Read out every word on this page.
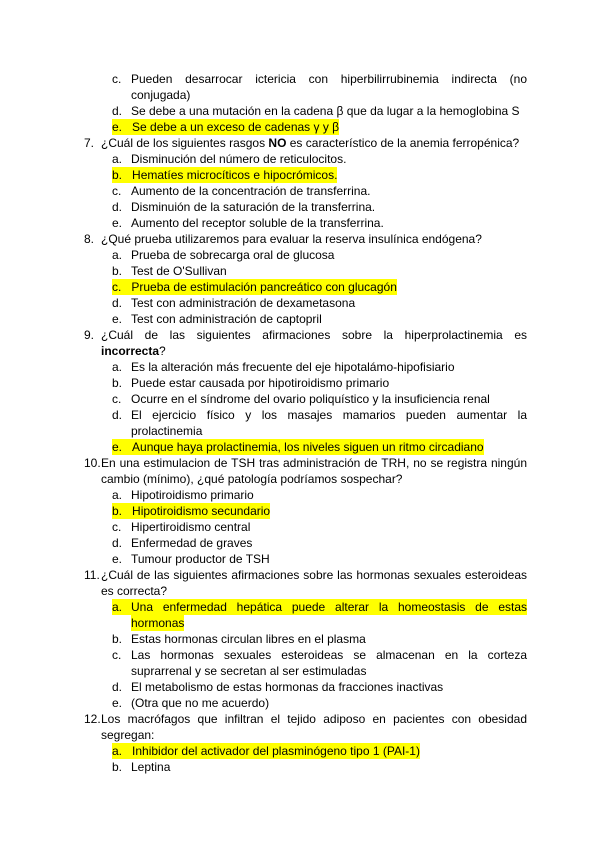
c. Pueden desarrocar ictericia con hiperbilirrubinemia indirecta (no
conjugada)
d. Se debe a una mutación en la cadena β que da lugar a la hemoglobina S
e. Se debe a un exceso de cadenas γ y β
7. ¿Cuál de los siguientes rasgos NO es característico de la anemia ferropénica?
a. Disminución del número de reticulocitos.
b. Hematíes microcíticos e hipocrómicos.
c. Aumento de la concentración de transferrina.
d. Disminuión de la saturación de la transferrina.
e. Aumento del receptor soluble de la transferrina.
8. ¿Qué prueba utilizaremos para evaluar la reserva insulínica endógena?
a. Prueba de sobrecarga oral de glucosa
b. Test de O'Sullivan
c. Prueba de estimulación pancreático con glucagón
d. Test con administración de dexametasona
e. Test con administración de captopril
9. ¿Cuál de las siguientes afirmaciones sobre la hiperprolactinemia es
incorrecta?
a. Es la alteración más frecuente del eje hipotalámo-hipofisiario
b. Puede estar causada por hipotiroidismo primario
c. Ocurre en el síndrome del ovario poliquístico y la insuficiencia renal
d. El ejercicio físico y los masajes mamarios pueden aumentar la
prolactinemia
e. Aunque haya prolactinemia, los niveles siguen un ritmo circadiano
10. En una estimulacion de TSH tras administración de TRH, no se registra ningún
cambio (mínimo), ¿qué patología podríamos sospechar?
a. Hipotiroidismo primario
b. Hipotiroidismo secundario
c. Hipertiroidismo central
d. Enfermedad de graves
e. Tumour productor de TSH
11. ¿Cuál de las siguientes afirmaciones sobre las hormonas sexuales esteroideas
es correcta?
a. Una enfermedad hepática puede alterar la homeostasis de estas
hormonas
b. Estas hormonas circulan libres en el plasma
c. Las hormonas sexuales esteroideas se almacenan en la corteza
suprarrenal y se secretan al ser estimuladas
d. El metabolismo de estas hormonas da fracciones inactivas
e. (Otra que no me acuerdo)
12. Los macrófagos que infiltran el tejido adiposo en pacientes con obesidad
segregan:
a. Inhibidor del activador del plasminógeno tipo 1 (PAI-1)
b. Leptina
